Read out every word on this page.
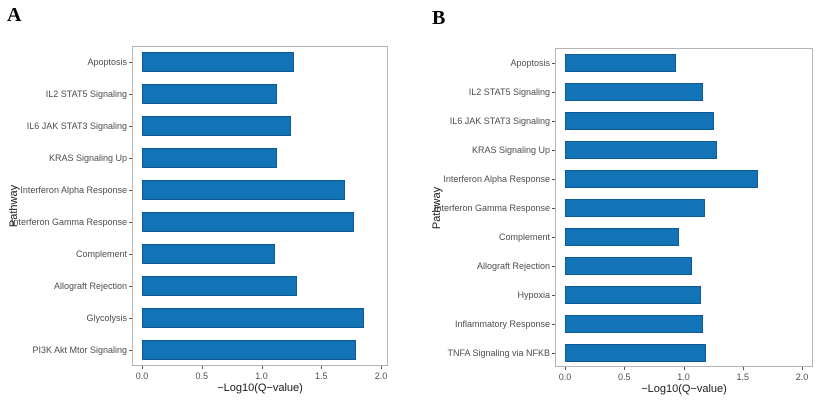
A	B
Apoptosis
IL2 STAT5 Signaling
IL6 JAK STAT3 Signaling
KRAS Signaling Up
Interferon Alpha Response
Interferon Gamma Response
Complement
Allograft Rejection
Glycolysis
PI3K Akt Mtor Signaling
0.0	0.5	1.0	1.5	2.0
−Log10(Q−value)
Pathway
Apoptosis
IL2 STAT5 Signaling
IL6 JAK STAT3 Signaling
KRAS Signaling Up
Interferon Alpha Response
Interferon Gamma Response
Complement
Allograft Rejection
Hypoxia
Inflammatory Response
TNFA Signaling via NFKB
0.0	0.5	1.0	1.5	2.0
−Log10(Q−value)
Pathway
